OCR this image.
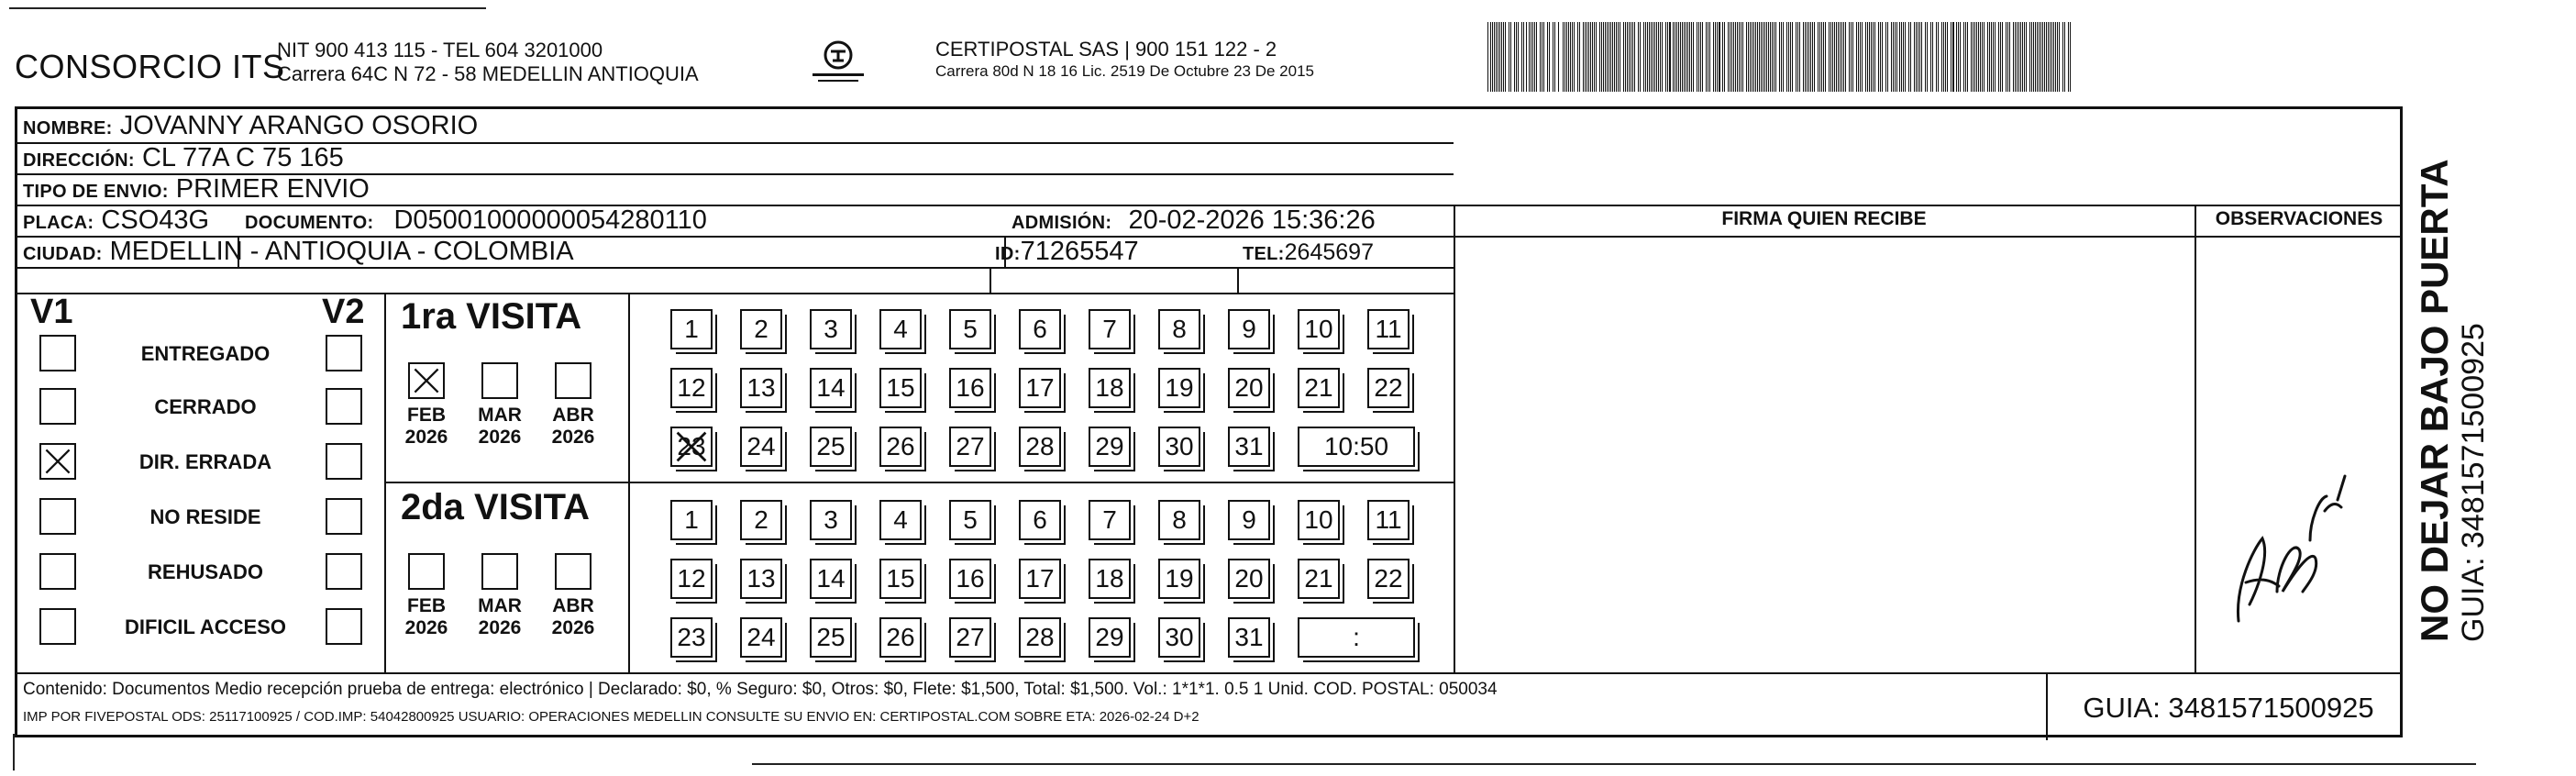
CONSORCIO ITS
NIT 900 413 115 - TEL 604 3201000
Carrera 64C N 72 - 58 MEDELLIN ANTIOQUIA
CERTIPOSTAL SAS | 900 151 122 - 2
Carrera 80d N 18 16 Lic. 2519 De Octubre 23 De 2015
NOMBRE: JOVANNY ARANGO OSORIO
DIRECCIÓN: CL 77A C 75 165
TIPO DE ENVIO: PRIMER ENVIO
PLACA: CSO43G DOCUMENTO: D05001000000054280110	ADMISIÓN: 20-02-2026 15:36:26
CIUDAD: MEDELLIN - ANTIOQUIA - COLOMBIA	ID:71265547	TEL:2645697
FIRMA QUIEN RECIBE	OBSERVACIONES
V1	V2
ENTREGADO
CERRADO
DIR. ERRADA
NO RESIDE
REHUSADO
DIFICIL ACCESO
1ra VISITA
FEB
2026
MAR
2026
ABR
2026
1	2	3	4	5	6	7	8	9	10	11
12 13 14 15 16 17 18 19 20 21 22
23 24 25 26 27 28 29 30 31	10:50
2da VISITA
FEB
2026
MAR
2026
ABR
2026
1	2	3	4	5	6	7	8	9	10	11
12 13 14 15 16 17 18 19 20 21 22
23 24 25 26 27 28 29 30 31	:
Contenido: Documentos Medio recepción prueba de entrega: electrónico | Declarado: $0, % Seguro: $0, Otros: $0, Flete: $1,500, Total: $1,500. Vol.: 1*1*1. 0.5 1 Unid. COD. POSTAL: 050034
IMP POR FIVEPOSTAL ODS: 25117100925 / COD.IMP: 54042800925 USUARIO: OPERACIONES MEDELLIN CONSULTE SU ENVIO EN: CERTIPOSTAL.COM SOBRE ETA: 2026-02-24 D+2	GUIA: 3481571500925
NO DEJAR BAJO PUERTA GUIA: 3481571500925
